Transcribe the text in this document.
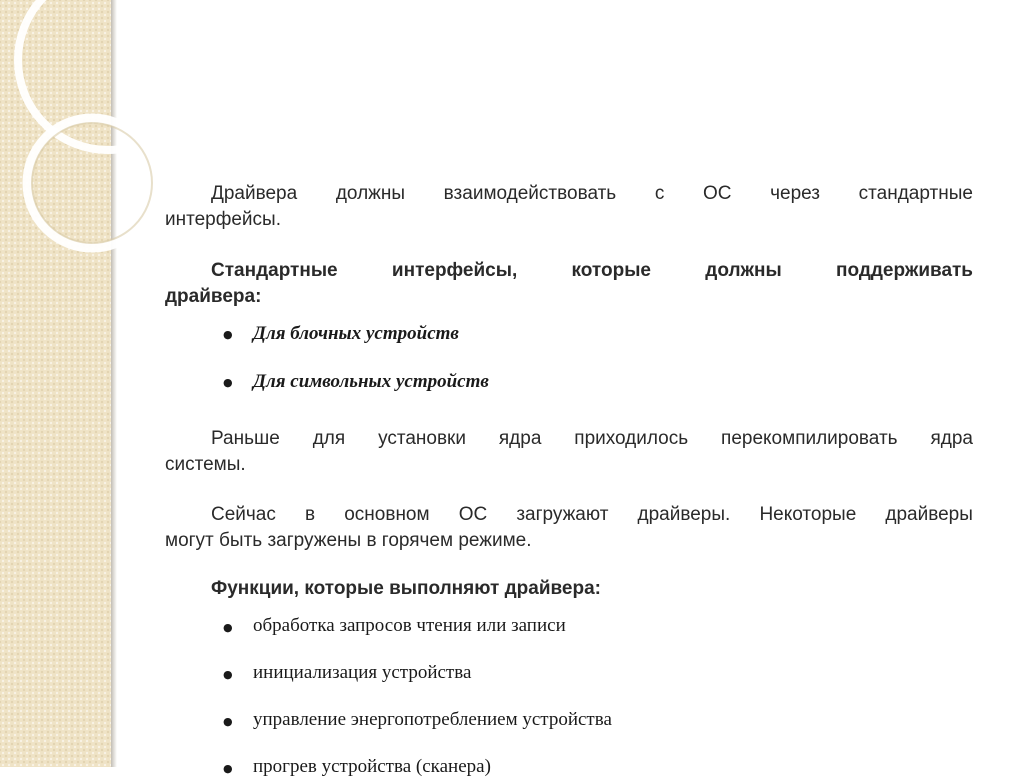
Драйвера должны взаимодействовать с ОС через стандартные
интерфейсы.
Стандартные	интерфейсы,	которые	должны	поддерживать
драйвера:
● Для блочных устройств
● Для символьных устройств
Раньше для установки ядра приходилось перекомпилировать ядра
системы.
Сейчас в основном ОС загружают драйверы. Некоторые драйверы
могут быть загружены в горячем режиме.
Функции, которые выполняют драйвера:
● обработка запросов чтения или записи
● инициализация устройства
● управление энергопотреблением устройства
● прогрев устройства (сканера)
